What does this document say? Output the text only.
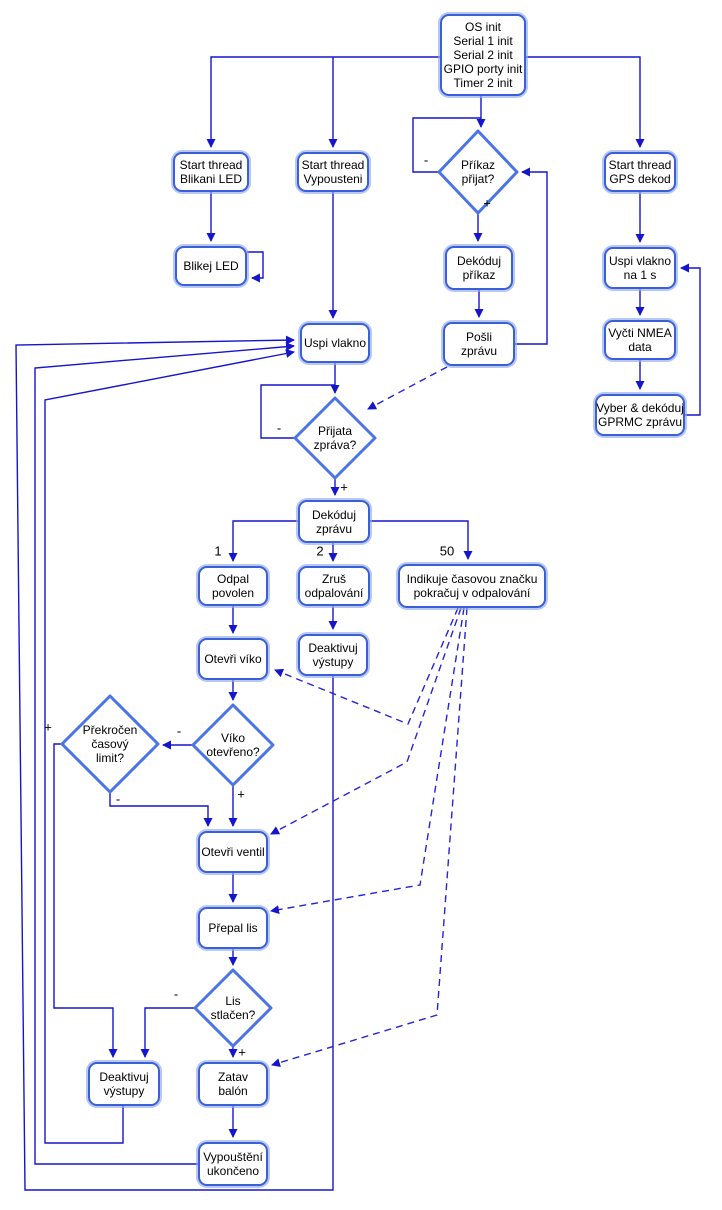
OS init
Serial 1 init
Serial 2 init
GPIO porty init
Timer 2 init
Start thread
Blikani LED
Start thread
Vypousteni
Start thread
GPS dekod
Blikej LED	Dekóduj
příkaz
Pošli
zprávu
Uspi vlakno
Uspi vlakno
na 1 s
Vyčti NMEA
data
Vyber & dekóduj
GPRMC zprávu
Dekóduj
zprávu
Odpal
povolen
Zruš
odpalování
Indikuje časovou značku
pokračuj v odpalování
Otevři víko
Deaktivuj
výstupy
Otevři ventil
Přepal lis
Deaktivuj
výstupy
Zatav
balón
Vypouštění
ukončeno
Příkaz
přijat?
Přijata
zpráva?
Víko
otevřeno?
Překročen
časový
limit?
Lis
stlačen?
-
+
-
+
1	2	50
-
+
+
-
-
+
